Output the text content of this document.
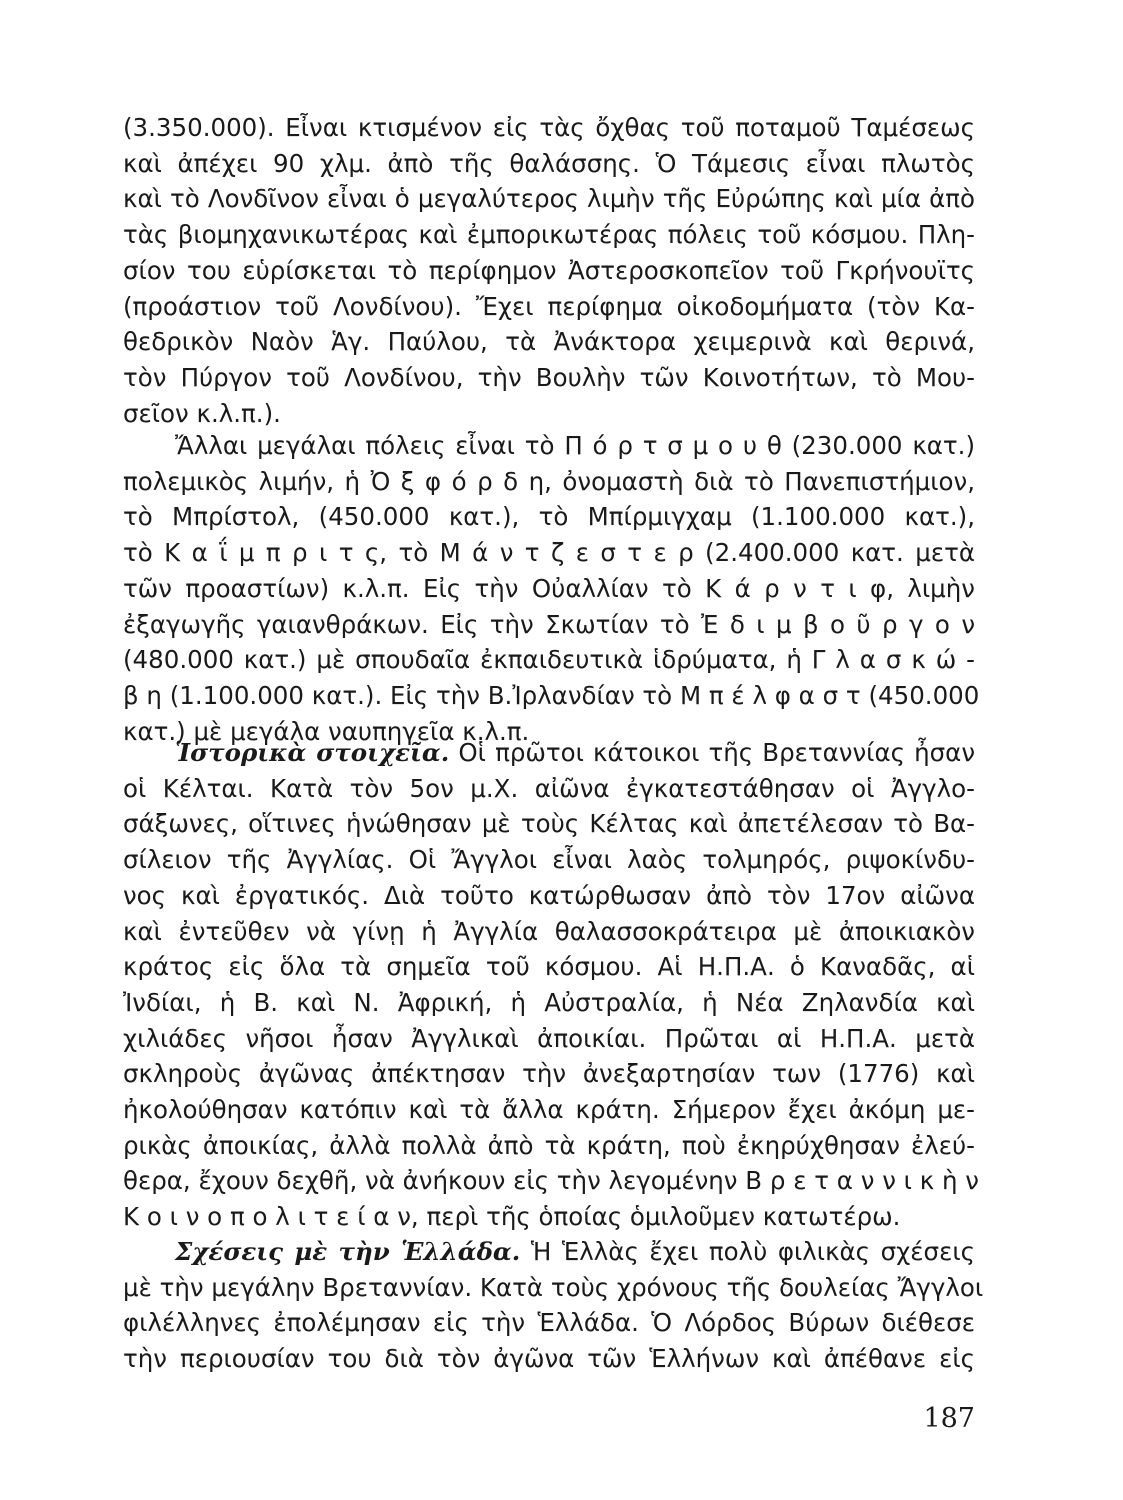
(3.350.000). Εἶναι κτισμένον εἰς τὰς ὄχθας τοῦ ποταμοῦ Ταμέσεως
καὶ ἀπέχει 90 χλμ. ἀπὸ τῆς θαλάσσης. Ὁ Τάμεσις εἶναι πλωτὸς
καὶ τὸ Λονδῖνον εἶναι ὁ μεγαλύτερος λιμὴν τῆς Εὐρώπης καὶ μία ἀπὸ
τὰς βιομηχανικωτέρας καὶ ἐμπορικωτέρας πόλεις τοῦ κόσμου. Πλη-
σίον του εὑρίσκεται τὸ περίφημον Ἀστεροσκοπεῖον τοῦ Γκρήνουϊτς
(προάστιον τοῦ Λονδίνου). Ἔχει περίφημα οἰκοδομήματα (τὸν Κα-
θεδρικὸν Ναὸν Ἁγ. Παύλου, τὰ Ἀνάκτορα χειμερινὰ καὶ θερινά,
τὸν Πύργον τοῦ Λονδίνου, τὴν Βουλὴν τῶν Κοινοτήτων, τὸ Μου-
σεῖον κ.λ.π.).
Ἄλλαι μεγάλαι πόλεις εἶναι τὸ Π ό ρ τ σ μ ο υ θ (230.000 κατ.)
πολεμικὸς λιμήν, ἡ Ὀ ξ φ ό ρ δ η, ὀνομαστὴ διὰ τὸ Πανεπιστήμιον,
τὸ Μπρίστολ, (450.000 κατ.), τὸ Μπίρμιγχαμ (1.100.000 κατ.),
τὸ Κ α ΐ μ π ρ ι τ ς, τὸ Μ ά ν τ ζ ε σ τ ε ρ (2.400.000 κατ. μετὰ
τῶν προαστίων) κ.λ.π. Εἰς τὴν Οὐαλλίαν τὸ Κ ά ρ ν τ ι φ, λιμὴν
ἐξαγωγῆς γαιανθράκων. Εἰς τὴν Σκωτίαν τὸ Ἐ δ ι μ β ο ῦ ρ γ ο ν
(480.000 κατ.) μὲ σπουδαῖα ἐκπαιδευτικὰ ἱδρύματα, ἡ Γ λ α σ κ ώ -
β η (1.100.000 κατ.). Εἰς τὴν Β.Ἰρλανδίαν τὸ Μ π έ λ φ α σ τ (450.000
κατ.) μὲ μεγάλα ναυπηγεῖα κ.λ.π.
Ἱστορικὰ στοιχεῖα. Οἱ πρῶτοι κάτοικοι τῆς Βρεταννίας ἦσαν
οἱ Κέλται. Κατὰ τὸν 5ον μ.Χ. αἰῶνα ἐγκατεστάθησαν οἱ Ἀγγλο-
σάξωνες, οἵτινες ἡνώθησαν μὲ τοὺς Κέλτας καὶ ἀπετέλεσαν τὸ Βα-
σίλειον τῆς Ἀγγλίας. Οἱ Ἄγγλοι εἶναι λαὸς τολμηρός, ριψοκίνδυ-
νος καὶ ἐργατικός. Διὰ τοῦτο κατώρθωσαν ἀπὸ τὸν 17ον αἰῶνα
καὶ ἐντεῦθεν νὰ γίνῃ ἡ Ἀγγλία θαλασσοκράτειρα μὲ ἀποικιακὸν
κράτος εἰς ὅλα τὰ σημεῖα τοῦ κόσμου. Αἱ Η.Π.Α. ὁ Καναδᾶς, αἱ
Ἰνδίαι, ἡ Β. καὶ Ν. Ἀφρική, ἡ Αὐστραλία, ἡ Νέα Ζηλανδία καὶ
χιλιάδες νῆσοι ἦσαν Ἀγγλικαὶ ἀποικίαι. Πρῶται αἱ Η.Π.Α. μετὰ
σκληροὺς ἀγῶνας ἀπέκτησαν τὴν ἀνεξαρτησίαν των (1776) καὶ
ἠκολούθησαν κατόπιν καὶ τὰ ἄλλα κράτη. Σήμερον ἔχει ἀκόμη με-
ρικὰς ἀποικίας, ἀλλὰ πολλὰ ἀπὸ τὰ κράτη, ποὺ ἐκηρύχθησαν ἐλεύ-
θερα, ἔχουν δεχθῆ, νὰ ἀνήκουν εἰς τὴν λεγομένην Β ρ ε τ α ν ν ι κ ὴ ν
Κ ο ι ν ο π ο λ ι τ ε ί α ν, περὶ τῆς ὁποίας ὁμιλοῦμεν κατωτέρω.
Σχέσεις μὲ τὴν Ἑλλάδα. Ἡ Ἑλλὰς ἔχει πολὺ φιλικὰς σχέσεις
μὲ τὴν μεγάλην Βρεταννίαν. Κατὰ τοὺς χρόνους τῆς δουλείας Ἄγγλοι
φιλέλληνες ἐπολέμησαν εἰς τὴν Ἑλλάδα. Ὁ Λόρδος Βύρων διέθεσε
τὴν περιουσίαν του διὰ τὸν ἀγῶνα τῶν Ἑλλήνων καὶ ἀπέθανε εἰς
187
